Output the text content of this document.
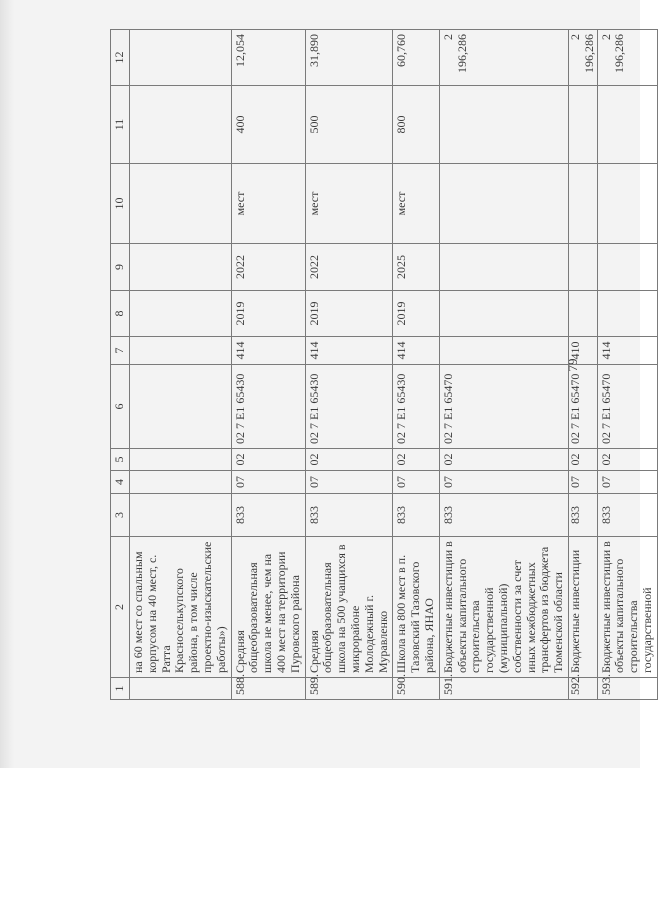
79
1	2	3	4	5	6	7	8	9	10	11	12
	на 60 мест со спальным корпусом на 40 мест, с. Ратта Красноселькупского района, в том числе проектно-изыскательские работы»)										
588.	Средняя общеобразовательная школа не менее, чем на 400 мест на территории Пуровского района	833	07	02	02 7 E1 65430	414	2019	2022	мест	400	12,054
589.	Средняя общеобразовательная школа на 500 учащихся в микрорайоне Молодежный г. Муравленко	833	07	02	02 7 E1 65430	414	2019	2022	мест	500	31,890
590.	Школа на 800 мест в п. Тазовский Тазовского района, ЯНАО	833	07	02	02 7 E1 65430	414	2019	2025	мест	800	60,760
591.	Бюджетные инвестиции в объекты капитального строительства государственной (муниципальной) собственности за счет иных межбюджетных трансфертов из бюджета Тюменской области	833	07	02	02 7 E1 65470						2 196,286
592.	Бюджетные инвестиции	833	07	02	02 7 E1 65470	410					2 196,286
593.	Бюджетные инвестиции в объекты капитального строительства государственной	833	07	02	02 7 E1 65470	414					2 196,286
